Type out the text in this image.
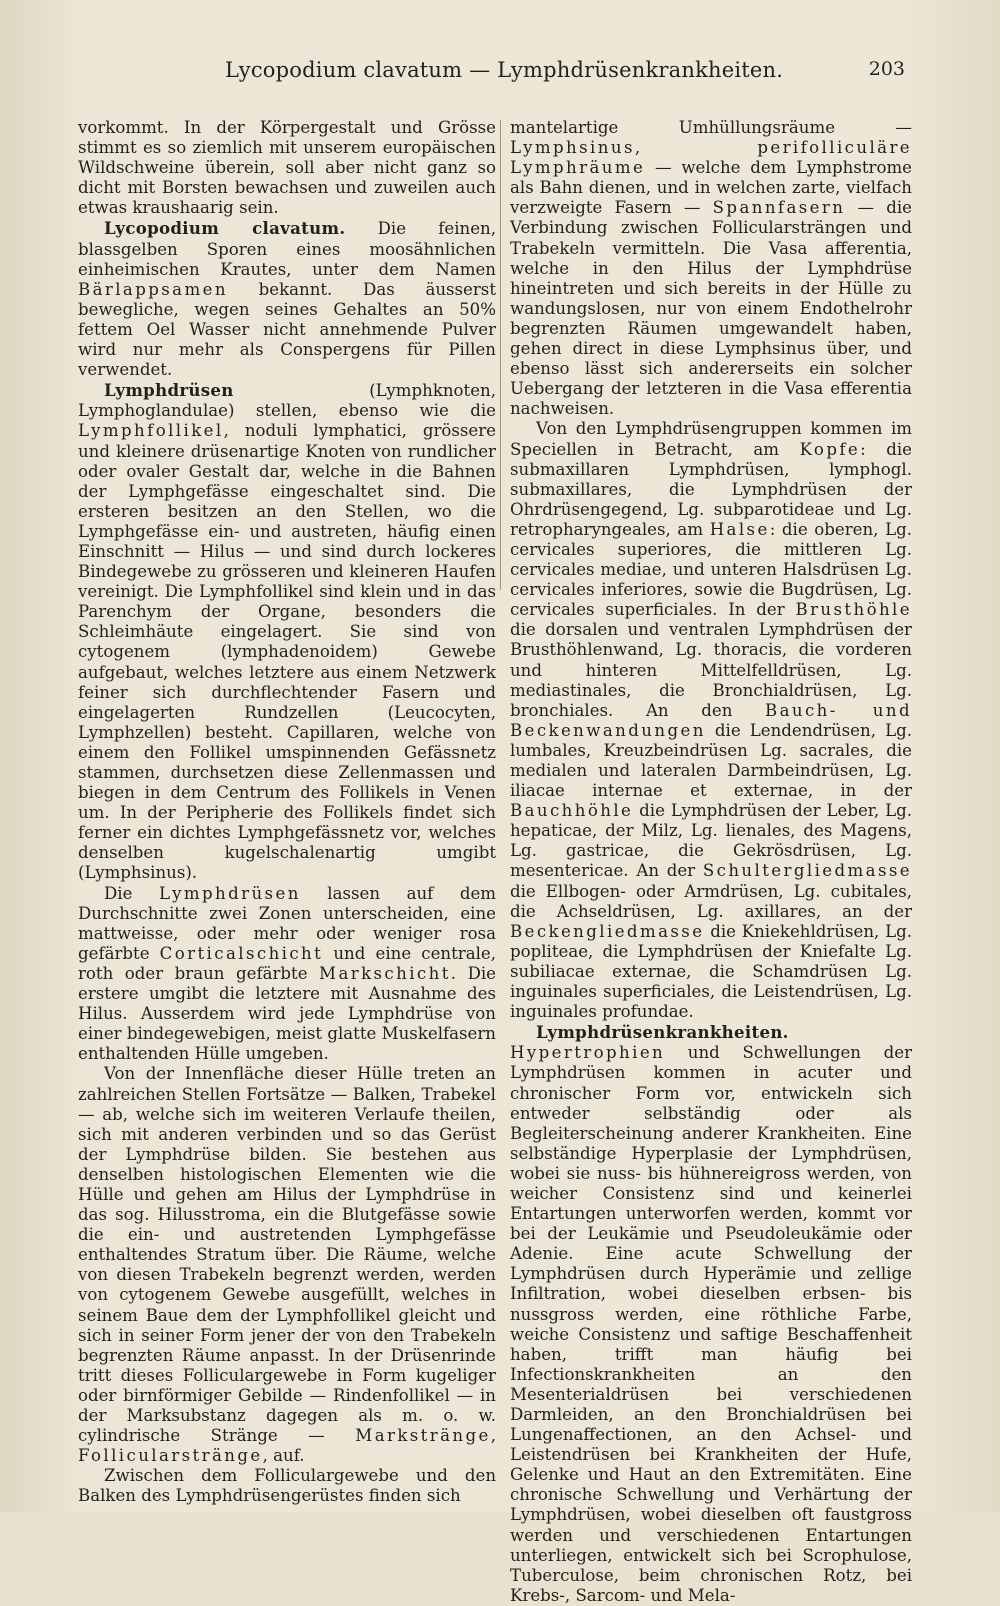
Lycopodium clavatum — Lymphdrüsenkrankheiten.	203

vorkommt. In der Körpergestalt und Grösse stimmt es so ziemlich mit unserem europäischen Wildschweine überein, soll aber nicht ganz so dicht mit Borsten bewachsen und zuweilen auch etwas kraushaarig sein.

Lycopodium clavatum. Die feinen, blassgelben Sporen eines moosähnlichen einheimischen Krautes, unter dem Namen Bärlappsamen bekannt. Das äusserst bewegliche, wegen seines Gehaltes an 50% fettem Oel Wasser nicht annehmende Pulver wird nur mehr als Conspergens für Pillen verwendet.

Lymphdrüsen (Lymphknoten, Lymphoglandulae) stellen, ebenso wie die Lymphfollikel, noduli lymphatici, grössere und kleinere drüsenartige Knoten von rundlicher oder ovaler Gestalt dar, welche in die Bahnen der Lymphgefässe eingeschaltet sind. Die ersteren besitzen an den Stellen, wo die Lymphgefässe ein- und austreten, häufig einen Einschnitt — Hilus — und sind durch lockeres Bindegewebe zu grösseren und kleineren Haufen vereinigt. Die Lymphfollikel sind klein und in das Parenchym der Organe, besonders die Schleimhäute eingelagert. Sie sind von cytogenem (lymphadenoidem) Gewebe aufgebaut, welches letztere aus einem Netzwerk feiner sich durchflechtender Fasern und eingelagerten Rundzellen (Leucocyten, Lymphzellen) besteht. Capillaren, welche von einem den Follikel umspinnenden Gefässnetz stammen, durchsetzen diese Zellenmassen und biegen in dem Centrum des Follikels in Venen um. In der Peripherie des Follikels findet sich ferner ein dichtes Lymphgefässnetz vor, welches denselben kugelschalenartig umgibt (Lymphsinus).

Die Lymphdrüsen lassen auf dem Durchschnitte zwei Zonen unterscheiden, eine mattweisse, oder mehr oder weniger rosa gefärbte Corticalschicht und eine centrale, roth oder braun gefärbte Markschicht. Die erstere umgibt die letztere mit Ausnahme des Hilus. Ausserdem wird jede Lymphdrüse von einer bindegewebigen, meist glatte Muskelfasern enthaltenden Hülle umgeben.

Von der Innenfläche dieser Hülle treten an zahlreichen Stellen Fortsätze — Balken, Trabekel — ab, welche sich im weiteren Verlaufe theilen, sich mit anderen verbinden und so das Gerüst der Lymphdrüse bilden. Sie bestehen aus denselben histologischen Elementen wie die Hülle und gehen am Hilus der Lymphdrüse in das sog. Hilusstroma, ein die Blutgefässe sowie die ein- und austretenden Lymphgefässe enthaltendes Stratum über. Die Räume, welche von diesen Trabekeln begrenzt werden, werden von cytogenem Gewebe ausgefüllt, welches in seinem Baue dem der Lymphfollikel gleicht und sich in seiner Form jener der von den Trabekeln begrenzten Räume anpasst. In der Drüsenrinde tritt dieses Folliculargewebe in Form kugeliger oder birnförmiger Gebilde — Rindenfollikel — in der Marksubstanz dagegen als m. o. w. cylindrische Stränge — Markstränge, Follicularstränge, auf.

Zwischen dem Folliculargewebe und den Balken des Lymphdrüsengerüstes finden sich

mantelartige Umhüllungsräume — Lymphsinus, perifolliculäre Lymphräume — welche dem Lymphstrome als Bahn dienen, und in welchen zarte, vielfach verzweigte Fasern — Spannfasern — die Verbindung zwischen Follicularsträngen und Trabekeln vermitteln. Die Vasa afferentia, welche in den Hilus der Lymphdrüse hineintreten und sich bereits in der Hülle zu wandungslosen, nur von einem Endothelrohr begrenzten Räumen umgewandelt haben, gehen direct in diese Lymphsinus über, und ebenso lässt sich andererseits ein solcher Uebergang der letzteren in die Vasa efferentia nachweisen.

Von den Lymphdrüsengruppen kommen im Speciellen in Betracht, am Kopfe: die submaxillaren Lymphdrüsen, lymphogl. submaxillares, die Lymphdrüsen der Ohrdrüsengegend, Lg. subparotideae und Lg. retropharyngeales, am Halse: die oberen, Lg. cervicales superiores, die mittleren Lg. cervicales mediae, und unteren Halsdrüsen Lg. cervicales inferiores, sowie die Bugdrüsen, Lg. cervicales superficiales. In der Brusthöhle die dorsalen und ventralen Lymphdrüsen der Brusthöhlenwand, Lg. thoracis, die vorderen und hinteren Mittelfelldrüsen, Lg. mediastinales, die Bronchialdrüsen, Lg. bronchiales. An den Bauch- und Beckenwandungen die Lendendrüsen, Lg. lumbales, Kreuzbeindrüsen Lg. sacrales, die medialen und lateralen Darmbeindrüsen, Lg. iliacae internae et externae, in der Bauchhöhle die Lymphdrüsen der Leber, Lg. hepaticae, der Milz, Lg. lienales, des Magens, Lg. gastricae, die Gekrösdrüsen, Lg. mesentericae. An der Schultergliedmasse die Ellbogen- oder Armdrüsen, Lg. cubitales, die Achseldrüsen, Lg. axillares, an der Beckengliedmasse die Kniekehldrüsen, Lg. popliteae, die Lymphdrüsen der Kniefalte Lg. subiliacae externae, die Schamdrüsen Lg. inguinales superficiales, die Leistendrüsen, Lg. inguinales profundae.

Lymphdrüsenkrankheiten. Hypertrophien und Schwellungen der Lymphdrüsen kommen in acuter und chronischer Form vor, entwickeln sich entweder selbständig oder als Begleiterscheinung anderer Krankheiten. Eine selbständige Hyperplasie der Lymphdrüsen, wobei sie nuss- bis hühnereigross werden, von weicher Consistenz sind und keinerlei Entartungen unterworfen werden, kommt vor bei der Leukämie und Pseudoleukämie oder Adenie. Eine acute Schwellung der Lymphdrüsen durch Hyperämie und zellige Infiltration, wobei dieselben erbsen- bis nussgross werden, eine röthliche Farbe, weiche Consistenz und saftige Beschaffenheit haben, trifft man häufig bei Infectionskrankheiten an den Mesenterialdrüsen bei verschiedenen Darmleiden, an den Bronchialdrüsen bei Lungenaffectionen, an den Achsel- und Leistendrüsen bei Krankheiten der Hufe, Gelenke und Haut an den Extremitäten. Eine chronische Schwellung und Verhärtung der Lymphdrüsen, wobei dieselben oft faustgross werden und verschiedenen Entartungen unterliegen, entwickelt sich bei Scrophulose, Tuberculose, beim chronischen Rotz, bei Krebs-, Sarcom- und Mela-
